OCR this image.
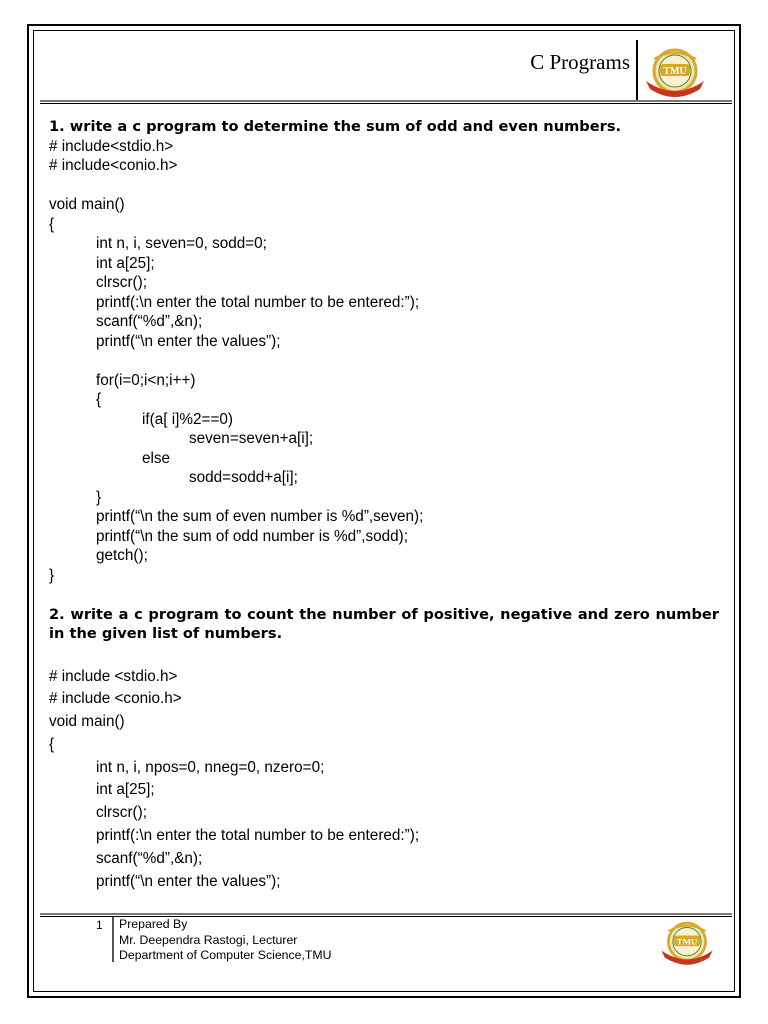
C Programs	TMU
1. write a c program to determine the sum of odd and even numbers.
# include<stdio.h>
# include<conio.h>
void main()
{
int n, i, seven=0, sodd=0;
int a[25];
clrscr();
printf(:\n enter the total number to be entered:”);
scanf(“%d”,&n);
printf(“\n enter the values”);
for(i=0;i<n;i++)
{
if(a[ i]%2==0)
seven=seven+a[i];
else
sodd=sodd+a[i];
}
printf(“\n the sum of even number is %d”,seven);
printf(“\n the sum of odd number is %d”,sodd);
getch();
}
2. write a c program to count the number of positive, negative and zero number in the given list of numbers.
# include <stdio.h>
# include <conio.h>
void main()
{
int n, i, npos=0, nneg=0, nzero=0;
int a[25];
clrscr();
printf(:\n enter the total number to be entered:”);
scanf(“%d”,&n);
printf(“\n enter the values”);
1 Prepared By
Mr. Deependra Rastogi, Lecturer
Department of Computer Science,TMU
TMU
